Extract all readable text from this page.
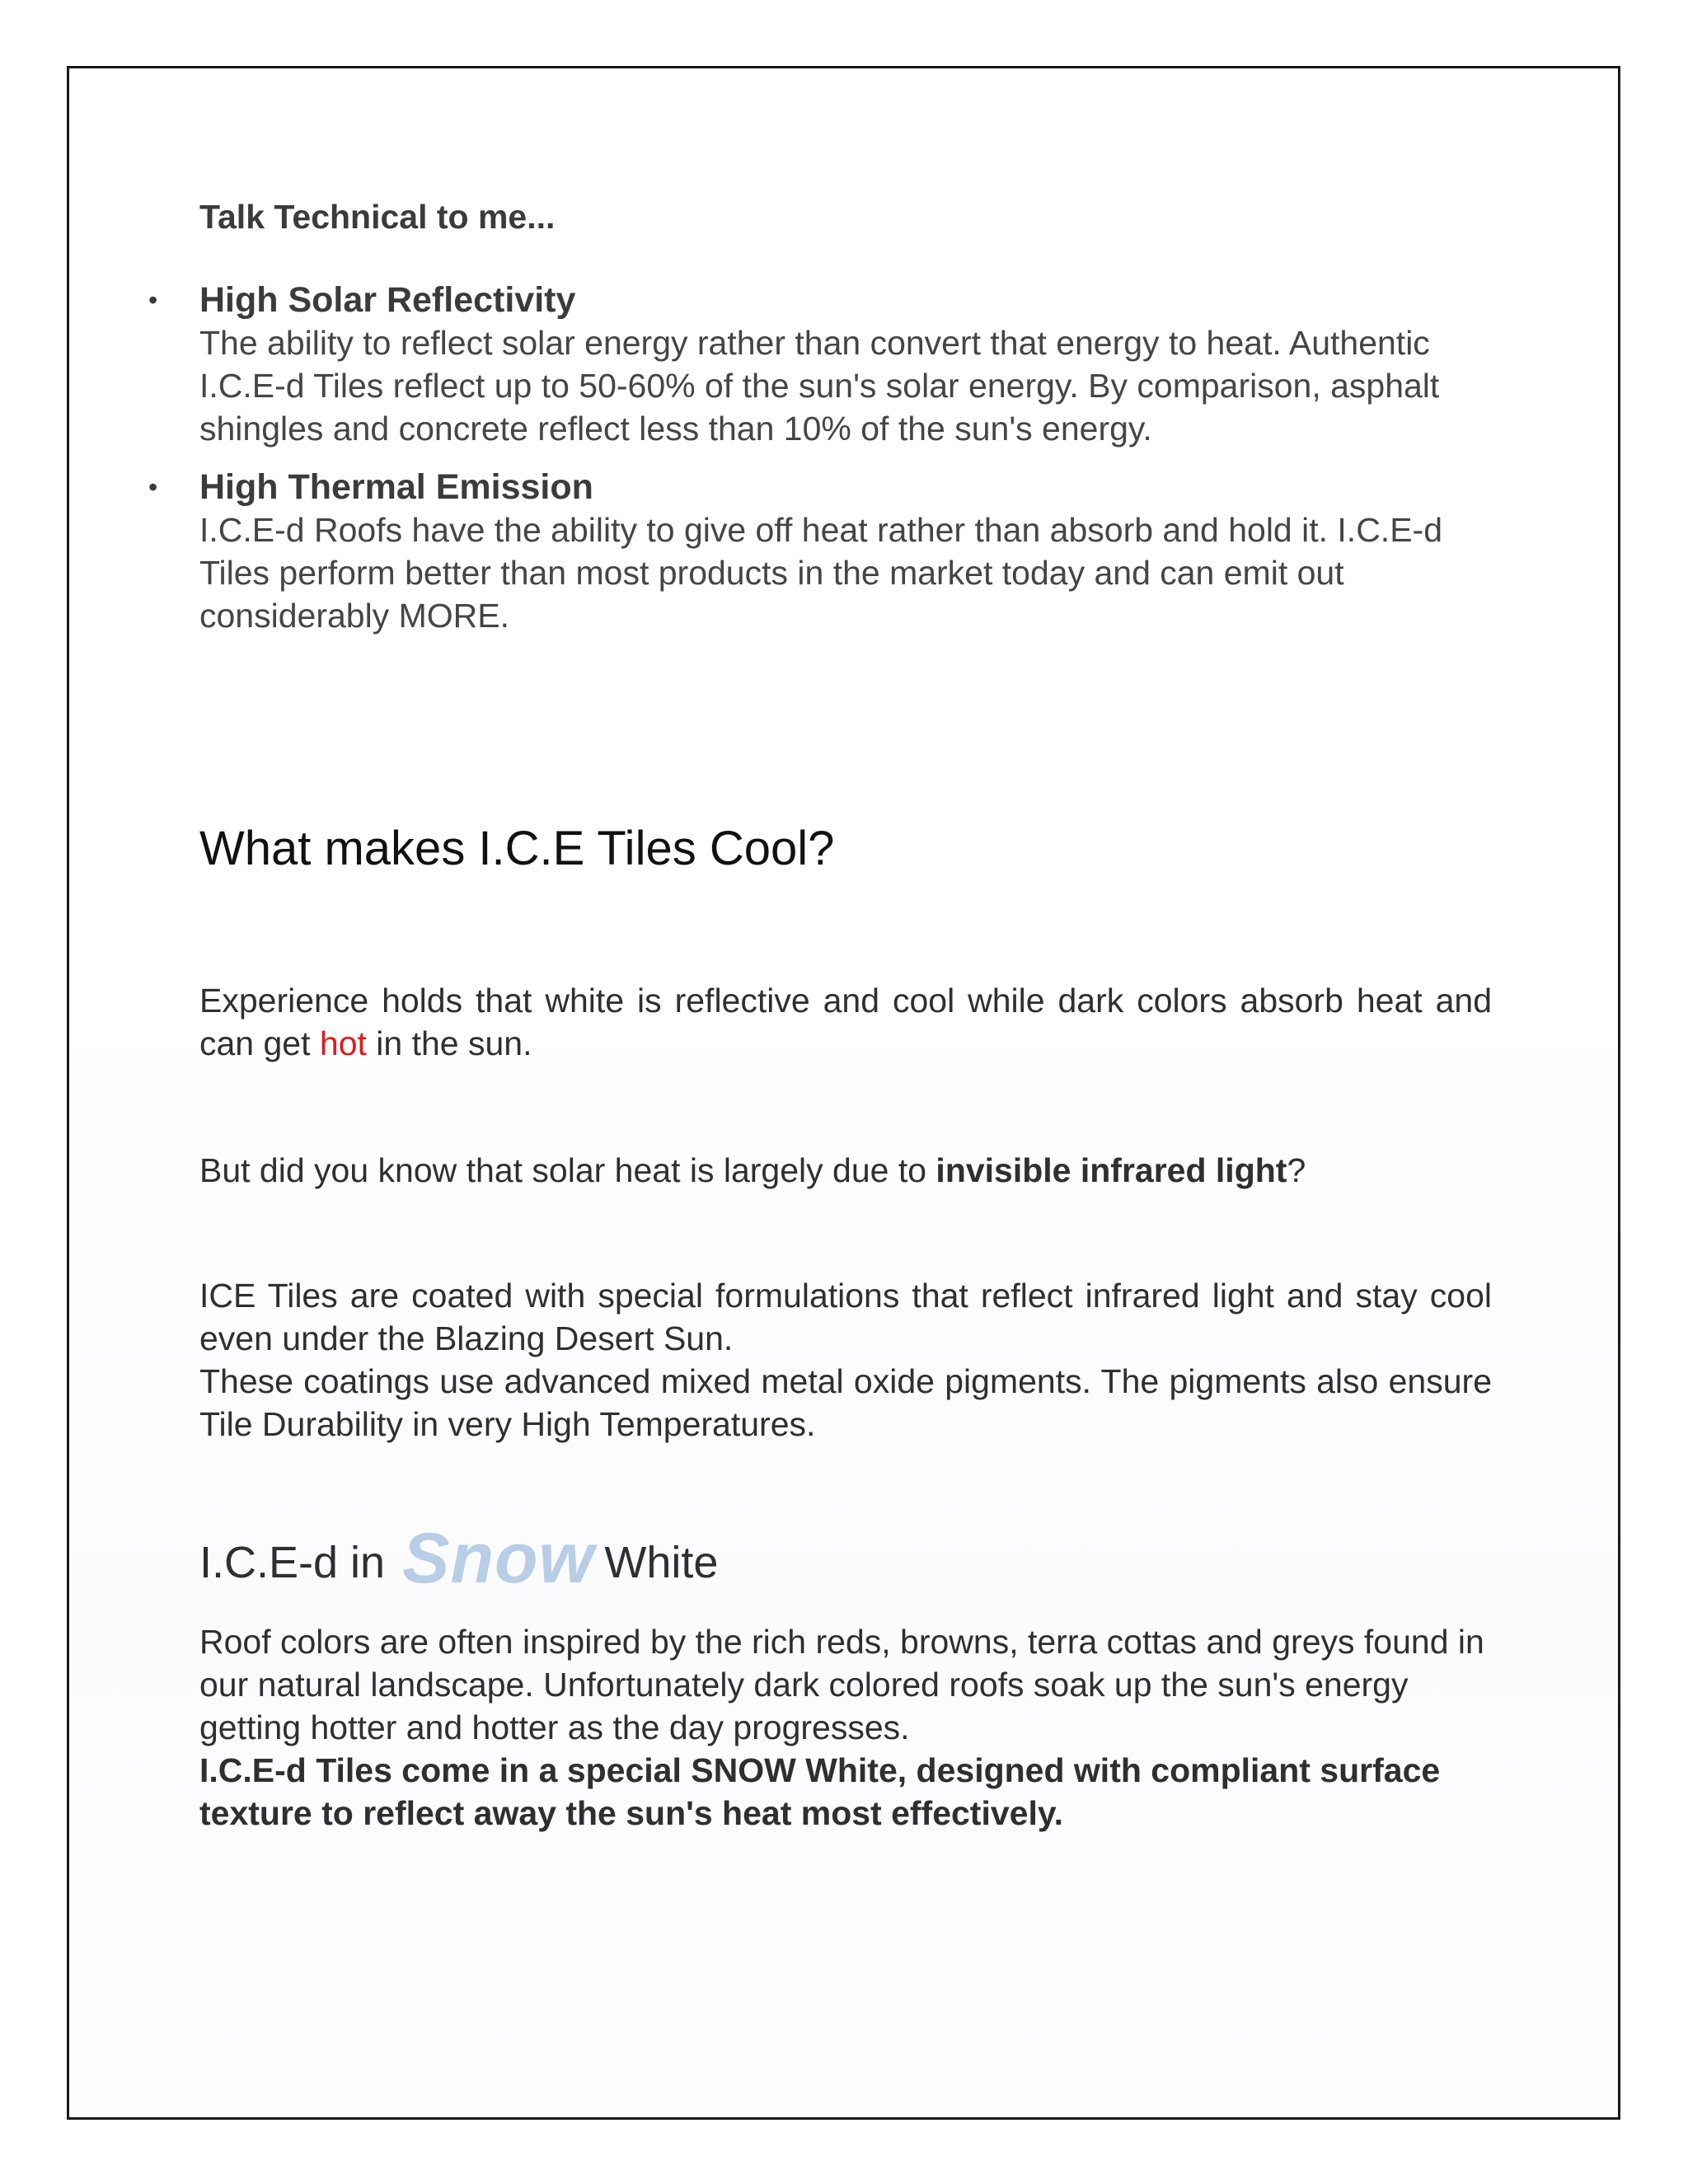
Talk Technical to me...
• High Solar Reflectivity
The ability to reflect solar energy rather than convert that energy to heat. Authentic I.C.E-d Tiles reflect up to 50-60% of the sun's solar energy. By comparison, asphalt shingles and concrete reflect less than 10% of the sun's energy.
• High Thermal Emission
I.C.E-d Roofs have the ability to give off heat rather than absorb and hold it. I.C.E-d Tiles perform better than most products in the market today and can emit out considerably MORE.
What makes I.C.E Tiles Cool?

Experience holds that white is reflective and cool while dark colors absorb heat and can get hot in the sun.

But did you know that solar heat is largely due to invisible infrared light?

ICE Tiles are coated with special formulations that reflect infrared light and stay cool even under the Blazing Desert Sun.
These coatings use advanced mixed metal oxide pigments. The pigments also ensure Tile Durability in very High Temperatures.

I.C.E-d in Snow White

Roof colors are often inspired by the rich reds, browns, terra cottas and greys found in our natural landscape. Unfortunately dark colored roofs soak up the sun's energy getting hotter and hotter as the day progresses.
I.C.E-d Tiles come in a special SNOW White, designed with compliant surface texture to reflect away the sun's heat most effectively.
